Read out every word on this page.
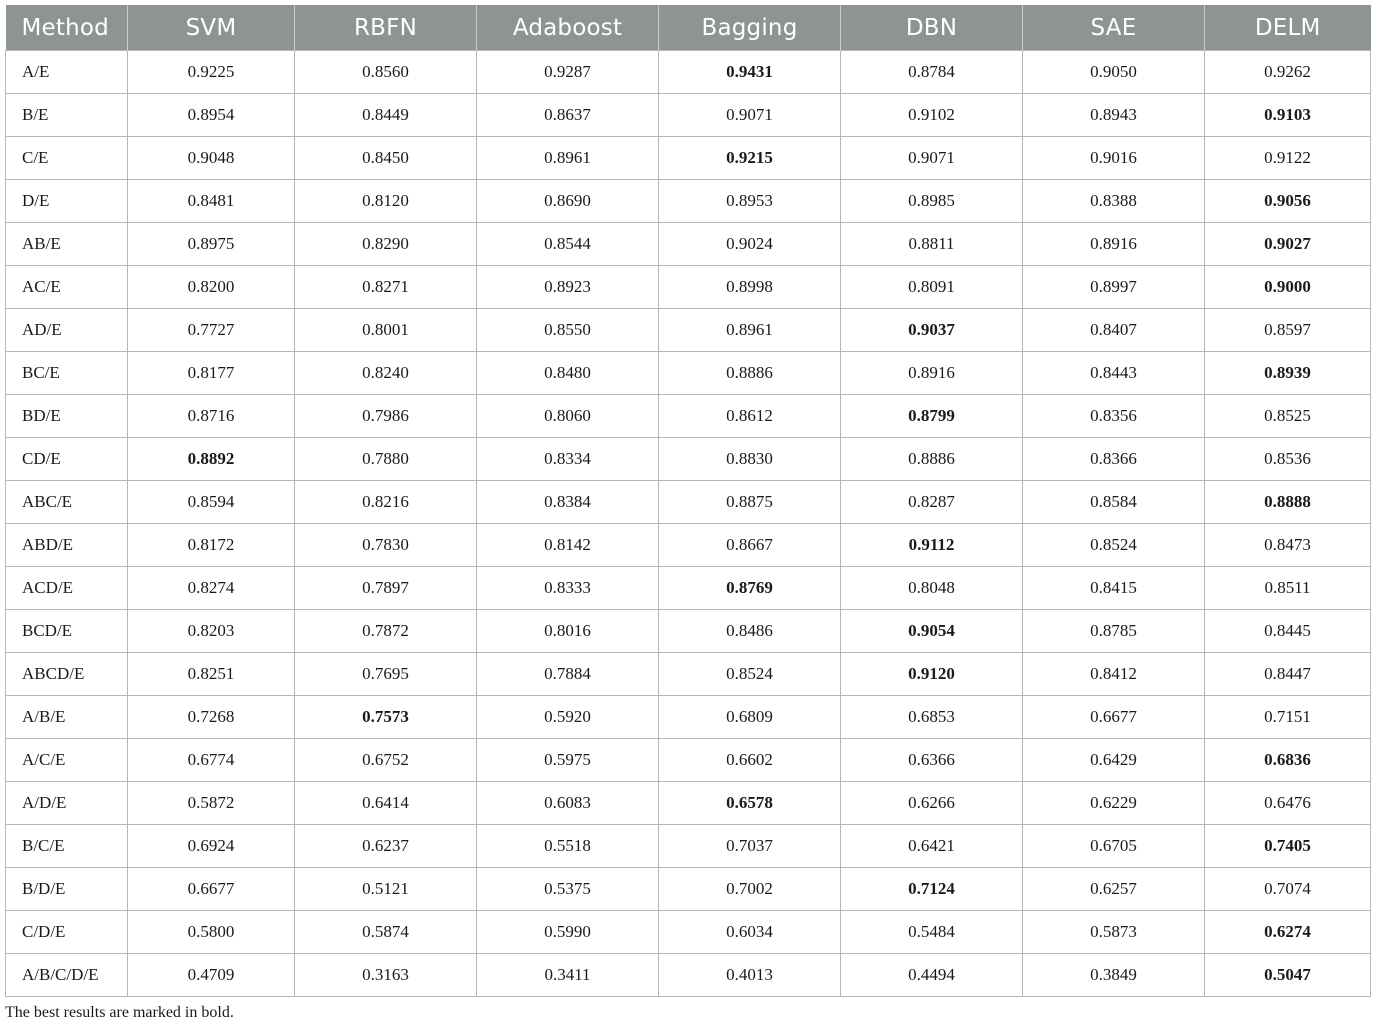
Method	SVM	RBFN	Adaboost	Bagging	DBN	SAE	DELM
A/E	0.9225	0.8560	0.9287	0.9431	0.8784	0.9050	0.9262
B/E	0.8954	0.8449	0.8637	0.9071	0.9102	0.8943	0.9103
C/E	0.9048	0.8450	0.8961	0.9215	0.9071	0.9016	0.9122
D/E	0.8481	0.8120	0.8690	0.8953	0.8985	0.8388	0.9056
AB/E	0.8975	0.8290	0.8544	0.9024	0.8811	0.8916	0.9027
AC/E	0.8200	0.8271	0.8923	0.8998	0.8091	0.8997	0.9000
AD/E	0.7727	0.8001	0.8550	0.8961	0.9037	0.8407	0.8597
BC/E	0.8177	0.8240	0.8480	0.8886	0.8916	0.8443	0.8939
BD/E	0.8716	0.7986	0.8060	0.8612	0.8799	0.8356	0.8525
CD/E	0.8892	0.7880	0.8334	0.8830	0.8886	0.8366	0.8536
ABC/E	0.8594	0.8216	0.8384	0.8875	0.8287	0.8584	0.8888
ABD/E	0.8172	0.7830	0.8142	0.8667	0.9112	0.8524	0.8473
ACD/E	0.8274	0.7897	0.8333	0.8769	0.8048	0.8415	0.8511
BCD/E	0.8203	0.7872	0.8016	0.8486	0.9054	0.8785	0.8445
ABCD/E	0.8251	0.7695	0.7884	0.8524	0.9120	0.8412	0.8447
A/B/E	0.7268	0.7573	0.5920	0.6809	0.6853	0.6677	0.7151
A/C/E	0.6774	0.6752	0.5975	0.6602	0.6366	0.6429	0.6836
A/D/E	0.5872	0.6414	0.6083	0.6578	0.6266	0.6229	0.6476
B/C/E	0.6924	0.6237	0.5518	0.7037	0.6421	0.6705	0.7405
B/D/E	0.6677	0.5121	0.5375	0.7002	0.7124	0.6257	0.7074
C/D/E	0.5800	0.5874	0.5990	0.6034	0.5484	0.5873	0.6274
A/B/C/D/E	0.4709	0.3163	0.3411	0.4013	0.4494	0.3849	0.5047
The best results are marked in bold.
